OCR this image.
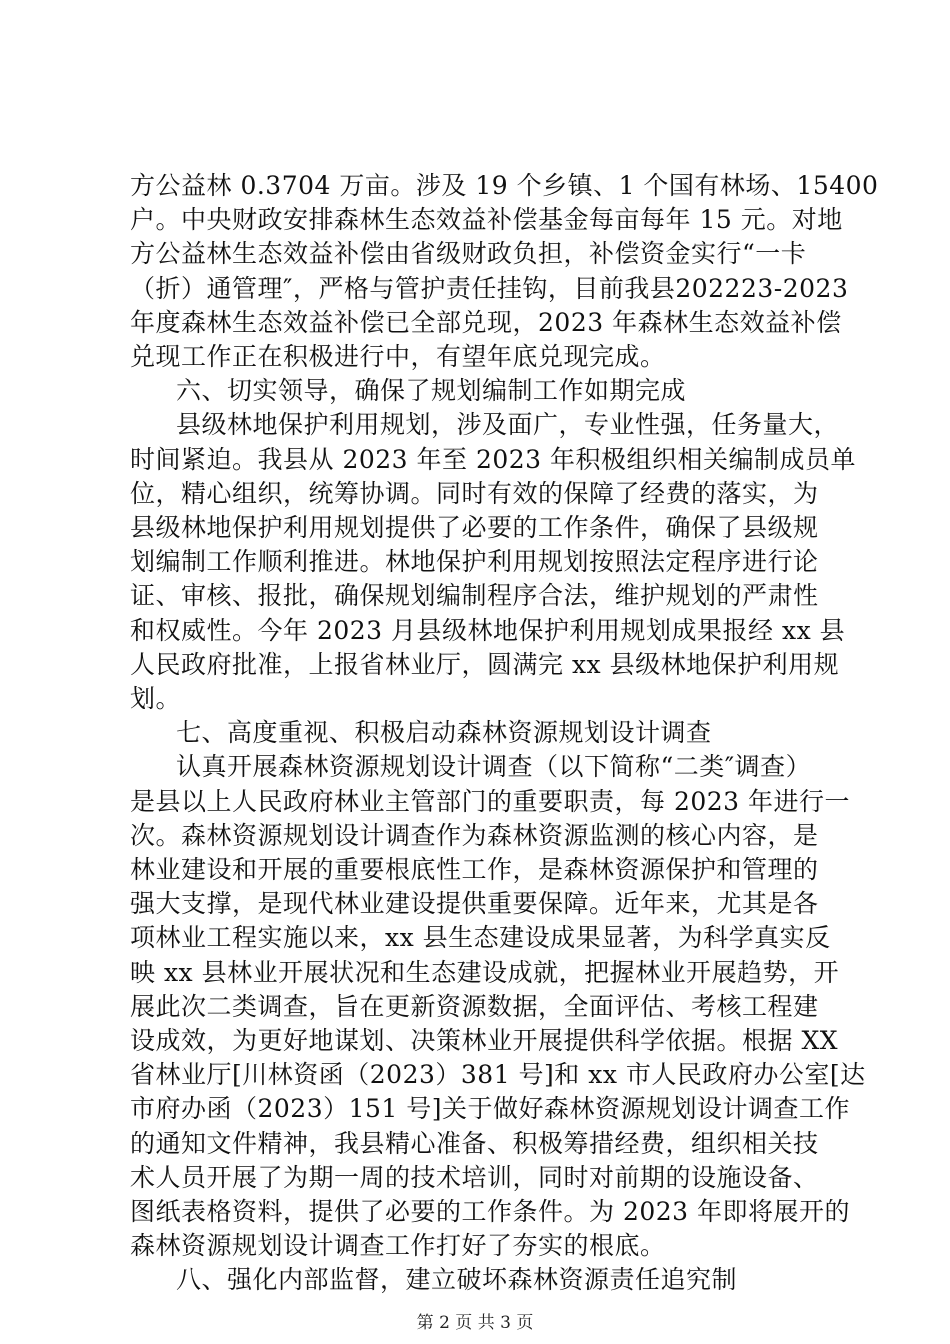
方公益林 0.3704 万亩。涉及 19 个乡镇、1 个国有林场、15400
户。中央财政安排森林生态效益补偿基金每亩每年 15 元。对地
方公益林生态效益补偿由省级财政负担，补偿资金实行“一卡
（折）通管理″，严格与管护责任挂钩，目前我县202223-2023
年度森林生态效益补偿已全部兑现，2023 年森林生态效益补偿
兑现工作正在积极进行中，有望年底兑现完成。
六、切实领导，确保了规划编制工作如期完成
县级林地保护利用规划，涉及面广，专业性强，任务量大，
时间紧迫。我县从 2023 年至 2023 年积极组织相关编制成员单
位，精心组织，统筹协调。同时有效的保障了经费的落实，为
县级林地保护利用规划提供了必要的工作条件，确保了县级规
划编制工作顺利推进。林地保护利用规划按照法定程序进行论
证、审核、报批，确保规划编制程序合法，维护规划的严肃性
和权威性。今年 2023 月县级林地保护利用规划成果报经 xx 县
人民政府批准，上报省林业厅，圆满完 xx 县级林地保护利用规
划。
七、高度重视、积极启动森林资源规划设计调查
认真开展森林资源规划设计调查（以下简称“二类″调查）
是县以上人民政府林业主管部门的重要职责，每 2023 年进行一
次。森林资源规划设计调查作为森林资源监测的核心内容，是
林业建设和开展的重要根底性工作，是森林资源保护和管理的
强大支撑，是现代林业建设提供重要保障。近年来，尤其是各
项林业工程实施以来，xx 县生态建设成果显著，为科学真实反
映 xx 县林业开展状况和生态建设成就，把握林业开展趋势，开
展此次二类调查，旨在更新资源数据，全面评估、考核工程建
设成效，为更好地谋划、决策林业开展提供科学依据。根据 XX
省林业厅[川林资函（2023）381 号]和 xx 市人民政府办公室[达
市府办函（2023）151 号]关于做好森林资源规划设计调查工作
的通知文件精神，我县精心准备、积极筹措经费，组织相关技
术人员开展了为期一周的技术培训，同时对前期的设施设备、
图纸表格资料，提供了必要的工作条件。为 2023 年即将展开的
森林资源规划设计调查工作打好了夯实的根底。
第 2 页 共 3 页
八、强化内部监督，建立破坏森林资源责任追究制
